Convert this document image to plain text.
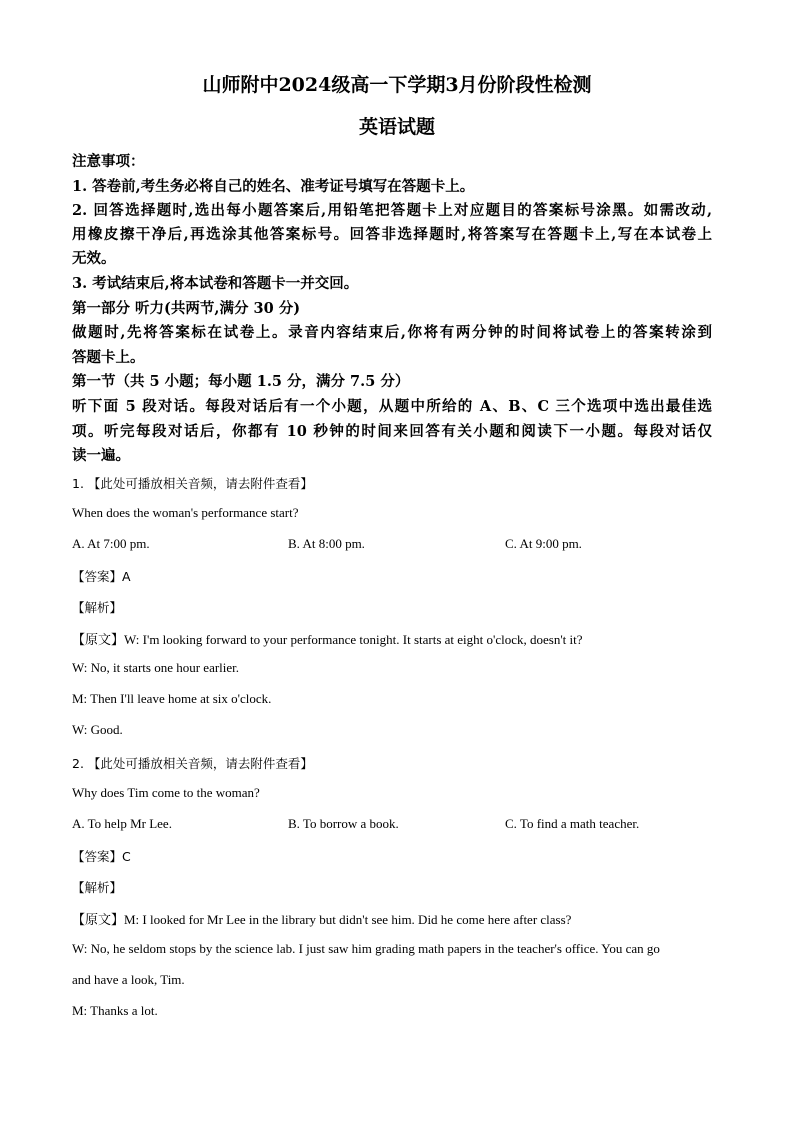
山师附中2024级高一下学期3月份阶段性检测
英语试题
注意事项：
1. 答卷前,考生务必将自己的姓名、准考证号填写在答题卡上。
2. 回答选择题时,选出每小题答案后,用铅笔把答题卡上对应题目的答案标号涂黑。如需改动,
用橡皮擦干净后,再选涂其他答案标号。回答非选择题时,将答案写在答题卡上,写在本试卷上
无效。
3. 考试结束后,将本试卷和答题卡一并交回。
第一部分 听力(共两节,满分 30 分)
做题时,先将答案标在试卷上。录音内容结束后,你将有两分钟的时间将试卷上的答案转涂到
答题卡上。
第一节（共 5 小题；每小题 1.5 分，满分 7.5 分）
听下面 5 段对话。每段对话后有一个小题，从题中所给的 A、B、C 三个选项中选出最佳选
项。听完每段对话后，你都有 10 秒钟的时间来回答有关小题和阅读下一小题。每段对话仅
读一遍。
1. 【此处可播放相关音频，请去附件查看】
When does the woman's performance start?
A. At 7:00 pm.	B. At 8:00 pm.	C. At 9:00 pm.
【答案】A
【解析】
【原文】W: I'm looking forward to your performance tonight. It starts at eight o'clock, doesn't it?
W: No, it starts one hour earlier.
M: Then I'll leave home at six o'clock.
W: Good.
2. 【此处可播放相关音频，请去附件查看】
Why does Tim come to the woman?
A. To help Mr Lee.	B. To borrow a book.	C. To find a math teacher.
【答案】C
【解析】
【原文】M: I looked for Mr Lee in the library but didn't see him. Did he come here after class?
W: No, he seldom stops by the science lab. I just saw him grading math papers in the teacher's office. You can go
and have a look, Tim.
M: Thanks a lot.
